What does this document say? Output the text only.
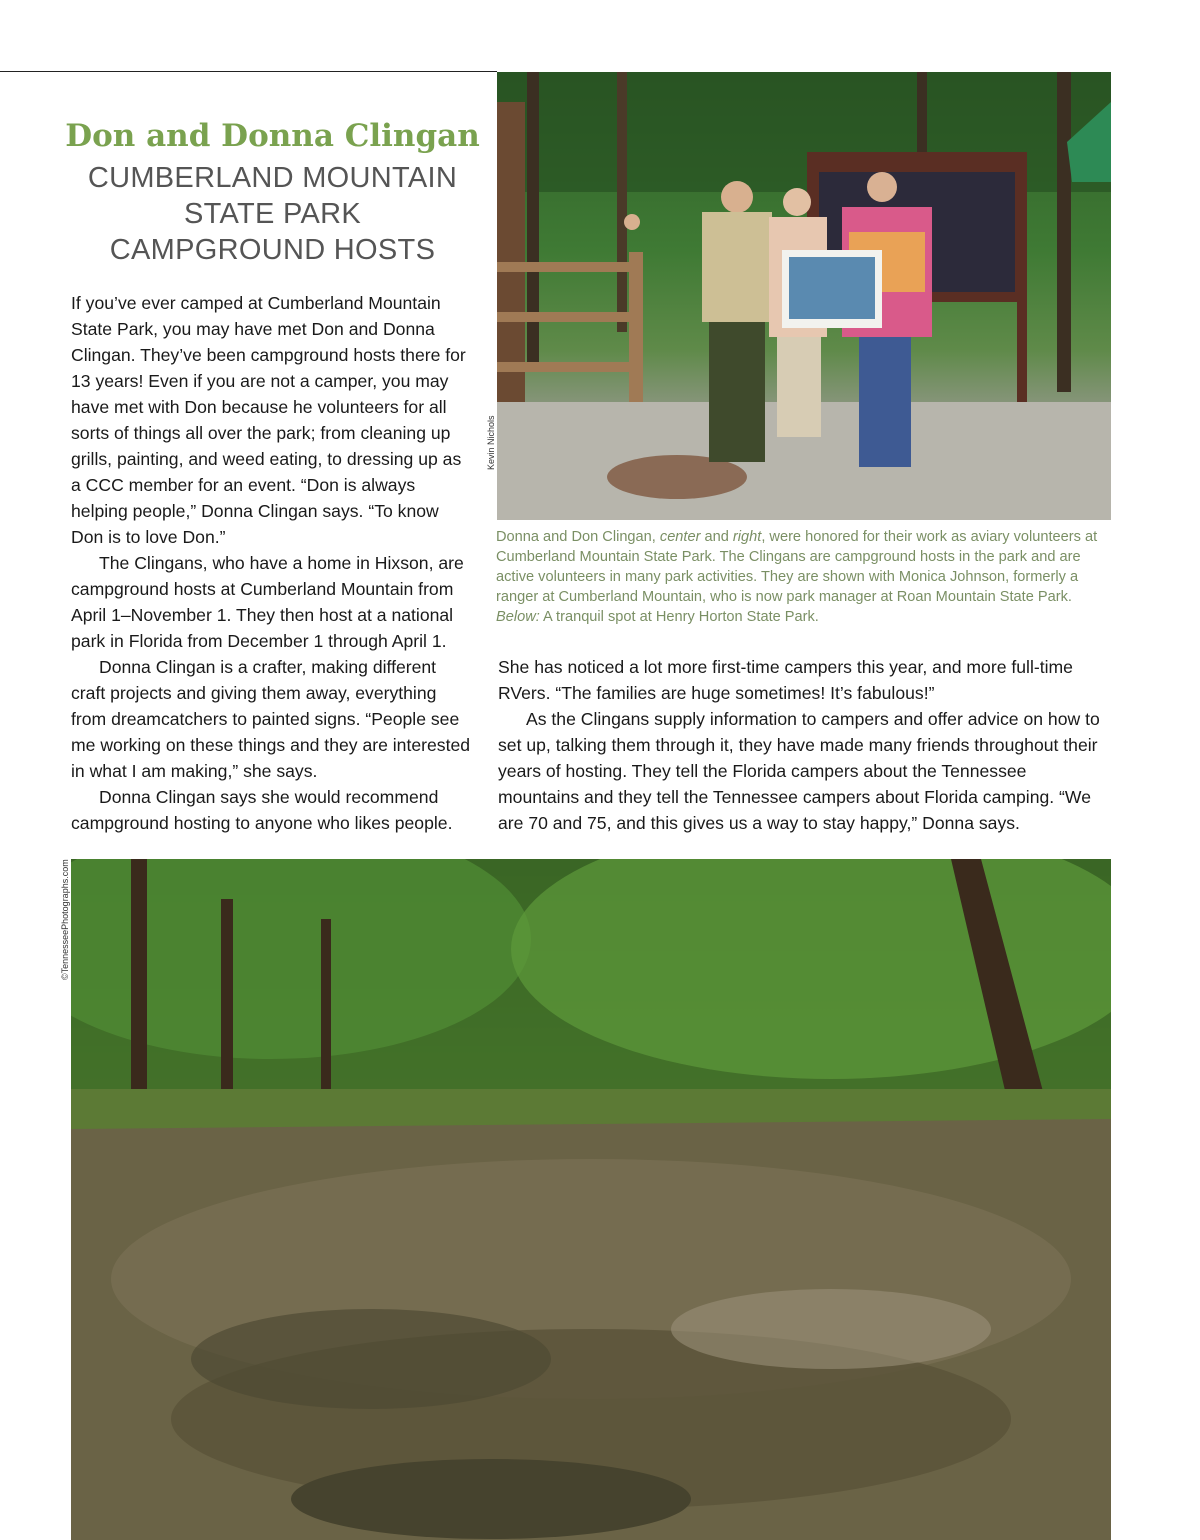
Don and Donna Clingan

CUMBERLAND MOUNTAIN
STATE PARK
CAMPGROUND HOSTS

If you’ve ever camped at Cumberland Mountain State Park, you may have met Don and Donna Clingan. They’ve been campground hosts there for 13 years! Even if you are not a camper, you may have met with Don because he volunteers for all sorts of things all over the park; from cleaning up grills, painting, and weed eating, to dressing up as a CCC member for an event. “Don is always helping people,” Donna Clingan says. “To know Don is to love Don.”

The Clingans, who have a home in Hixson, are campground hosts at Cumberland Mountain from April 1–November 1. They then host at a national park in Florida from December 1 through April 1.

Donna Clingan is a crafter, making different craft projects and giving them away, everything from dreamcatchers to painted signs. “People see me working on these things and they are interested in what I am making,” she says.

Donna Clingan says she would recommend campground hosting to anyone who likes people.

Kevin Nichols
Donna and Don Clingan, center and right, were honored for their work as aviary volunteers at Cumberland Mountain State Park. The Clingans are campground hosts in the park and are active volunteers in many park activities. They are shown with Monica Johnson, formerly a ranger at Cumberland Mountain, who is now park manager at Roan Mountain State Park. Below: A tranquil spot at Henry Horton State Park.

She has noticed a lot more first-time campers this year, and more full-time RVers. “The families are huge sometimes! It’s fabulous!”

As the Clingans supply information to campers and offer advice on how to set up, talking them through it, they have made many friends throughout their years of hosting. They tell the Florida campers about the Tennessee mountains and they tell the Tennessee campers about Florida camping. “We are 70 and 75, and this gives us a way to stay happy,” Donna says.

©TennesseePhotographs.com
